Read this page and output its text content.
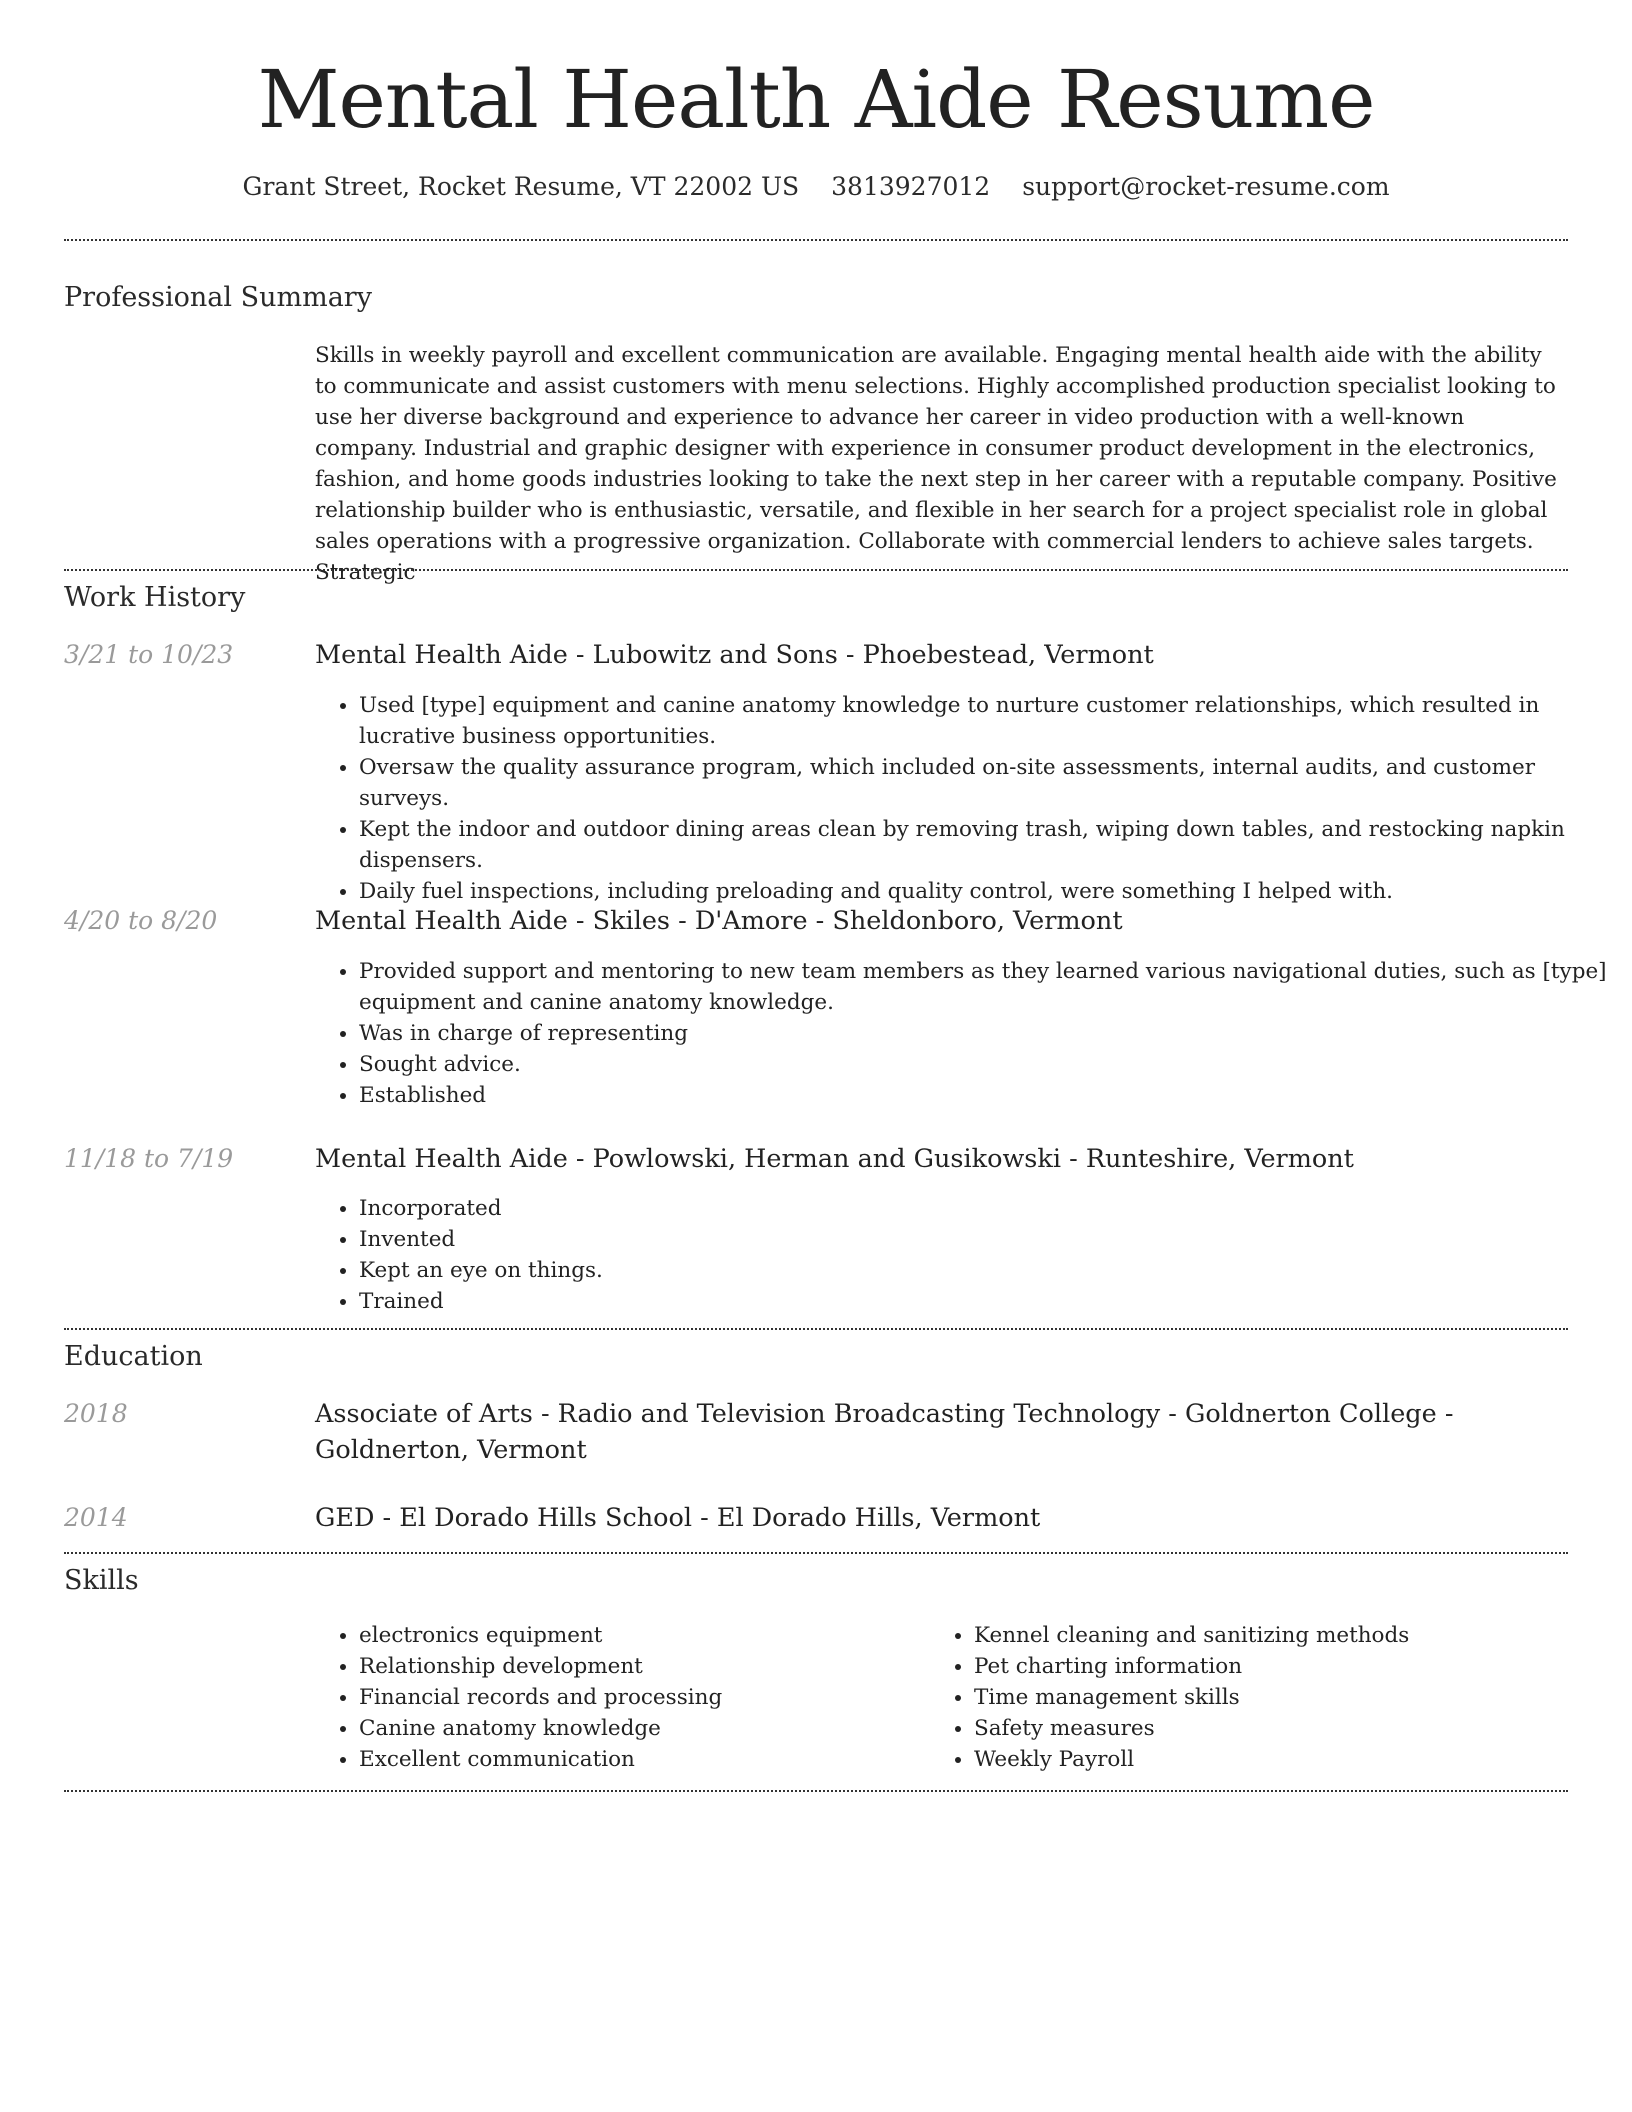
Mental Health Aide Resume
Grant Street, Rocket Resume, VT 22002 US 3813927012 support@rocket-resume.com
Professional Summary
Skills in weekly payroll and excellent communication are available. Engaging mental health aide with the ability to communicate and assist customers with menu selections. Highly accomplished production specialist looking to use her diverse background and experience to advance her career in video production with a well-known company. Industrial and graphic designer with experience in consumer product development in the electronics, fashion, and home goods industries looking to take the next step in her career with a reputable company. Positive relationship builder who is enthusiastic, versatile, and flexible in her search for a project specialist role in global sales operations with a progressive organization. Collaborate with commercial lenders to achieve sales targets. Strategic
Work History
3/21 to 10/23	Mental Health Aide - Lubowitz and Sons - Phoebestead, Vermont
• Used [type] equipment and canine anatomy knowledge to nurture customer relationships, which resulted in lucrative business opportunities.
• Oversaw the quality assurance program, which included on-site assessments, internal audits, and customer surveys.
• Kept the indoor and outdoor dining areas clean by removing trash, wiping down tables, and restocking napkin dispensers.
• Daily fuel inspections, including preloading and quality control, were something I helped with.
4/20 to 8/20	Mental Health Aide - Skiles - D'Amore - Sheldonboro, Vermont
• Provided support and mentoring to new team members as they learned various navigational duties, such as [type] equipment and canine anatomy knowledge.
• Was in charge of representing
• Sought advice.
• Established
11/18 to 7/19	Mental Health Aide - Powlowski, Herman and Gusikowski - Runteshire, Vermont
• Incorporated
• Invented
• Kept an eye on things.
• Trained
Education
2018	Associate of Arts - Radio and Television Broadcasting Technology - Goldnerton College - Goldnerton, Vermont
2014	GED - El Dorado Hills School - El Dorado Hills, Vermont
Skills
• electronics equipment
• Relationship development
• Financial records and processing
• Canine anatomy knowledge
• Excellent communication
• Kennel cleaning and sanitizing methods
• Pet charting information
• Time management skills
• Safety measures
• Weekly Payroll
